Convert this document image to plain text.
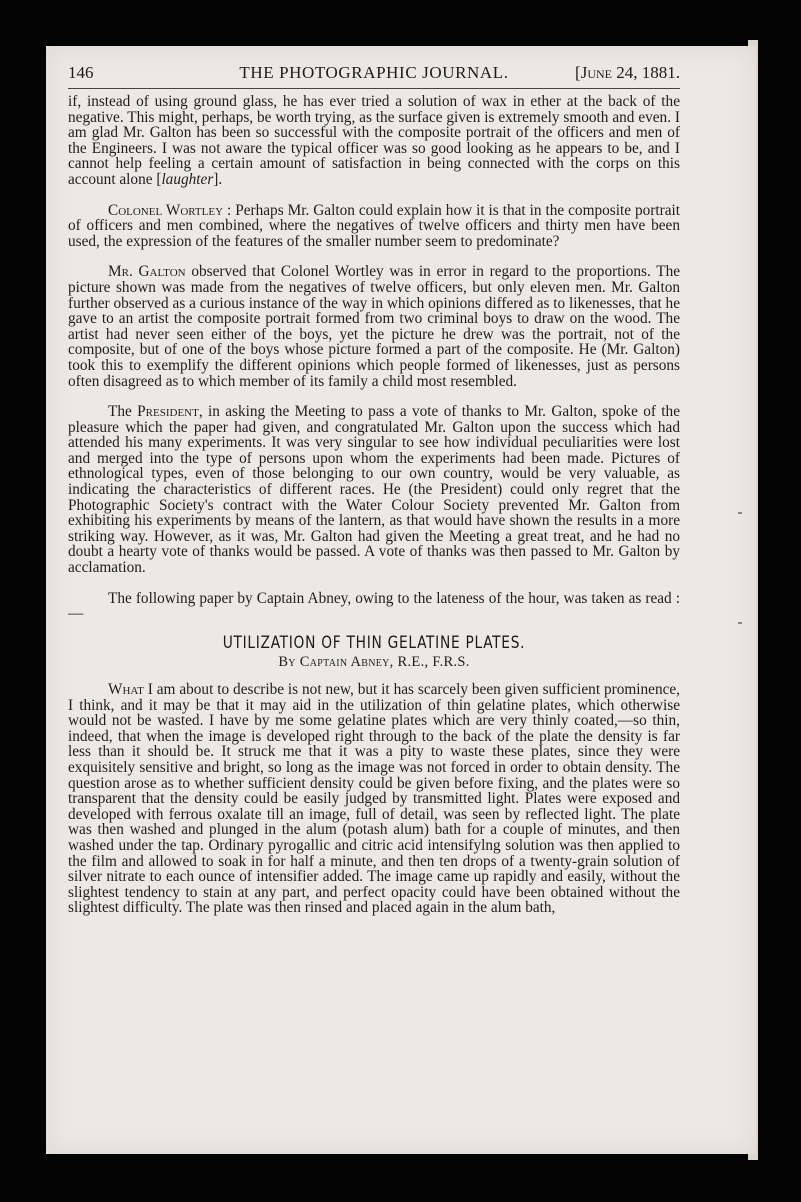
146	THE PHOTOGRAPHIC JOURNAL.	[June 24, 1881.

if, instead of using ground glass, he has ever tried a solution of wax in ether at the back of the negative. This might, perhaps, be worth trying, as the surface given is extremely smooth and even. I am glad Mr. Galton has been so successful with the composite portrait of the officers and men of the Engineers. I was not aware the typical officer was so good looking as he appears to be, and I cannot help feeling a certain amount of satisfaction in being connected with the corps on this account alone [laughter].

Colonel Wortley : Perhaps Mr. Galton could explain how it is that in the composite portrait of officers and men combined, where the negatives of twelve officers and thirty men have been used, the expression of the features of the smaller number seem to predominate?

Mr. Galton observed that Colonel Wortley was in error in regard to the proportions. The picture shown was made from the negatives of twelve officers, but only eleven men. Mr. Galton further observed as a curious instance of the way in which opinions differed as to likenesses, that he gave to an artist the composite portrait formed from two criminal boys to draw on the wood. The artist had never seen either of the boys, yet the picture he drew was the portrait, not of the composite, but of one of the boys whose picture formed a part of the composite. He (Mr. Galton) took this to exemplify the different opinions which people formed of likenesses, just as persons often disagreed as to which member of its family a child most resembled.

The President, in asking the Meeting to pass a vote of thanks to Mr. Galton, spoke of the pleasure which the paper had given, and congratulated Mr. Galton upon the success which had attended his many experiments. It was very singular to see how individual peculiarities were lost and merged into the type of persons upon whom the experiments had been made. Pictures of ethnological types, even of those belonging to our own country, would be very valuable, as indicating the characteristics of different races. He (the President) could only regret that the Photographic Society's contract with the Water Colour Society prevented Mr. Galton from exhibiting his experiments by means of the lantern, as that would have shown the results in a more striking way. However, as it was, Mr. Galton had given the Meeting a great treat, and he had no doubt a hearty vote of thanks would be passed. A vote of thanks was then passed to Mr. Galton by acclamation.

The following paper by Captain Abney, owing to the lateness of the hour, was taken as read :—

UTILIZATION OF THIN GELATINE PLATES.
By Captain Abney, R.E., F.R.S.

What I am about to describe is not new, but it has scarcely been given sufficient prominence, I think, and it may be that it may aid in the utilization of thin gelatine plates, which otherwise would not be wasted. I have by me some gelatine plates which are very thinly coated,—so thin, indeed, that when the image is developed right through to the back of the plate the density is far less than it should be. It struck me that it was a pity to waste these plates, since they were exquisitely sensitive and bright, so long as the image was not forced in order to obtain density. The question arose as to whether sufficient density could be given before fixing, and the plates were so transparent that the density could be easily judged by transmitted light. Plates were exposed and developed with ferrous oxalate till an image, full of detail, was seen by reflected light. The plate was then washed and plunged in the alum (potash alum) bath for a couple of minutes, and then washed under the tap. Ordinary pyrogallic and citric acid intensifylng solution was then applied to the film and allowed to soak in for half a minute, and then ten drops of a twenty-grain solution of silver nitrate to each ounce of intensifier added. The image came up rapidly and easily, without the slightest tendency to stain at any part, and perfect opacity could have been obtained without the slightest difficulty. The plate was then rinsed and placed again in the alum bath,
